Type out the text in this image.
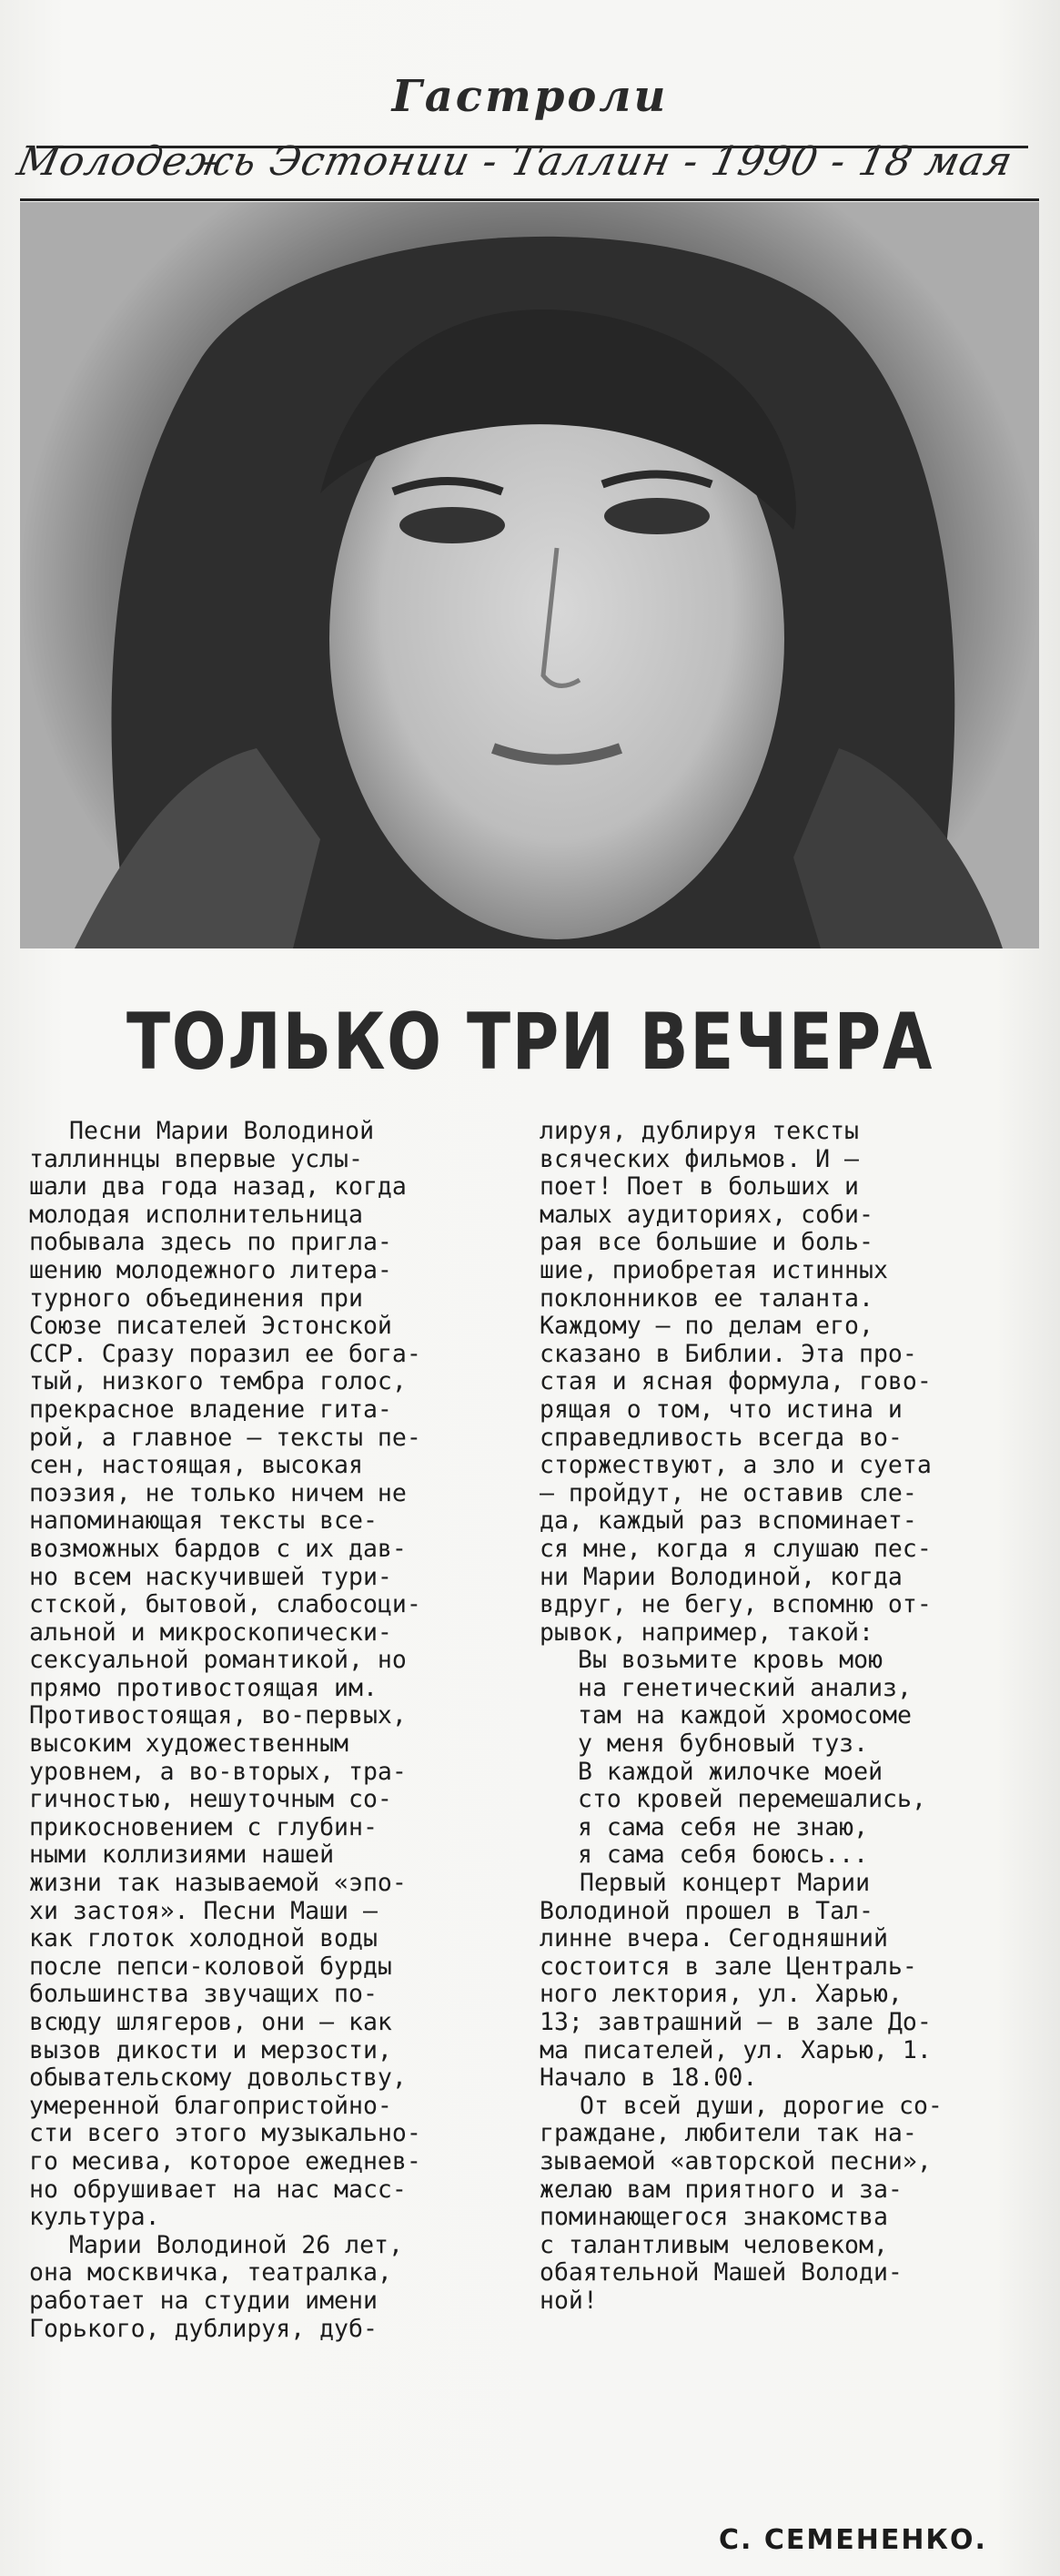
Гастроли
Молодежь Эстонии - Таллин - 1990 - 18 мая
ТОЛЬКО ТРИ ВЕЧЕРА
Песни Марии Володиной
таллиннцы впервые услы-
шали два года назад, когда
молодая исполнительница
побывала здесь по пригла-
шению молодежного литера-
турного объединения при
Союзе писателей Эстонской
ССР. Сразу поразил ее бога-
тый, низкого тембра голос,
прекрасное владение гита-
рой, а главное — тексты пе-
сен, настоящая, высокая
поэзия, не только ничем не
напоминающая тексты все-
возможных бардов с их дав-
но всем наскучившей тури-
стской, бытовой, слабосоци-
альной и микроскопически-
сексуальной романтикой, но
прямо противостоящая им.
Противостоящая, во-первых,
высоким художественным
уровнем, а во-вторых, тра-
гичностью, нешуточным со-
прикосновением с глубин-
ными коллизиями нашей
жизни так называемой «эпо-
хи застоя». Песни Маши —
как глоток холодной воды
после пепси-коловой бурды
большинства звучащих по-
всюду шлягеров, они — как
вызов дикости и мерзости,
обывательскому довольству,
умеренной благопристойно-
сти всего этого музыкально-
го месива, которое ежеднев-
но обрушивает на нас масс-
культура.
Марии Володиной 26 лет,
она москвичка, театралка,
работает на студии имени
Горького, дублируя, дуб-
лируя, дублируя тексты
всяческих фильмов. И —
поет! Поет в больших и
малых аудиториях, соби-
рая все большие и боль-
шие, приобретая истинных
поклонников ее таланта.
Каждому — по делам его,
сказано в Библии. Эта про-
стая и ясная формула, гово-
рящая о том, что истина и
справедливость всегда во-
сторжествуют, а зло и суета
— пройдут, не оставив сле-
да, каждый раз вспоминает-
ся мне, когда я слушаю пес-
ни Марии Володиной, когда
вдруг, не бегу, вспомню от-
рывок, например, такой:
Вы возьмите кровь мою
на генетический анализ,
там на каждой хромосоме
у меня бубновый туз.
В каждой жилочке моей
сто кровей перемешались,
я сама себя не знаю,
я сама себя боюсь...
Первый концерт Марии
Володиной прошел в Тал-
линне вчера. Сегодняшний
состоится в зале Централь-
ного лектория, ул. Харью,
13; завтрашний — в зале До-
ма писателей, ул. Харью, 1.
Начало в 18.00.
От всей души, дорогие со-
граждане, любители так на-
зываемой «авторской песни»,
желаю вам приятного и за-
поминающегося знакомства
с талантливым человеком,
обаятельной Машей Володи-
ной!
С. СЕМЕНЕНКО.
